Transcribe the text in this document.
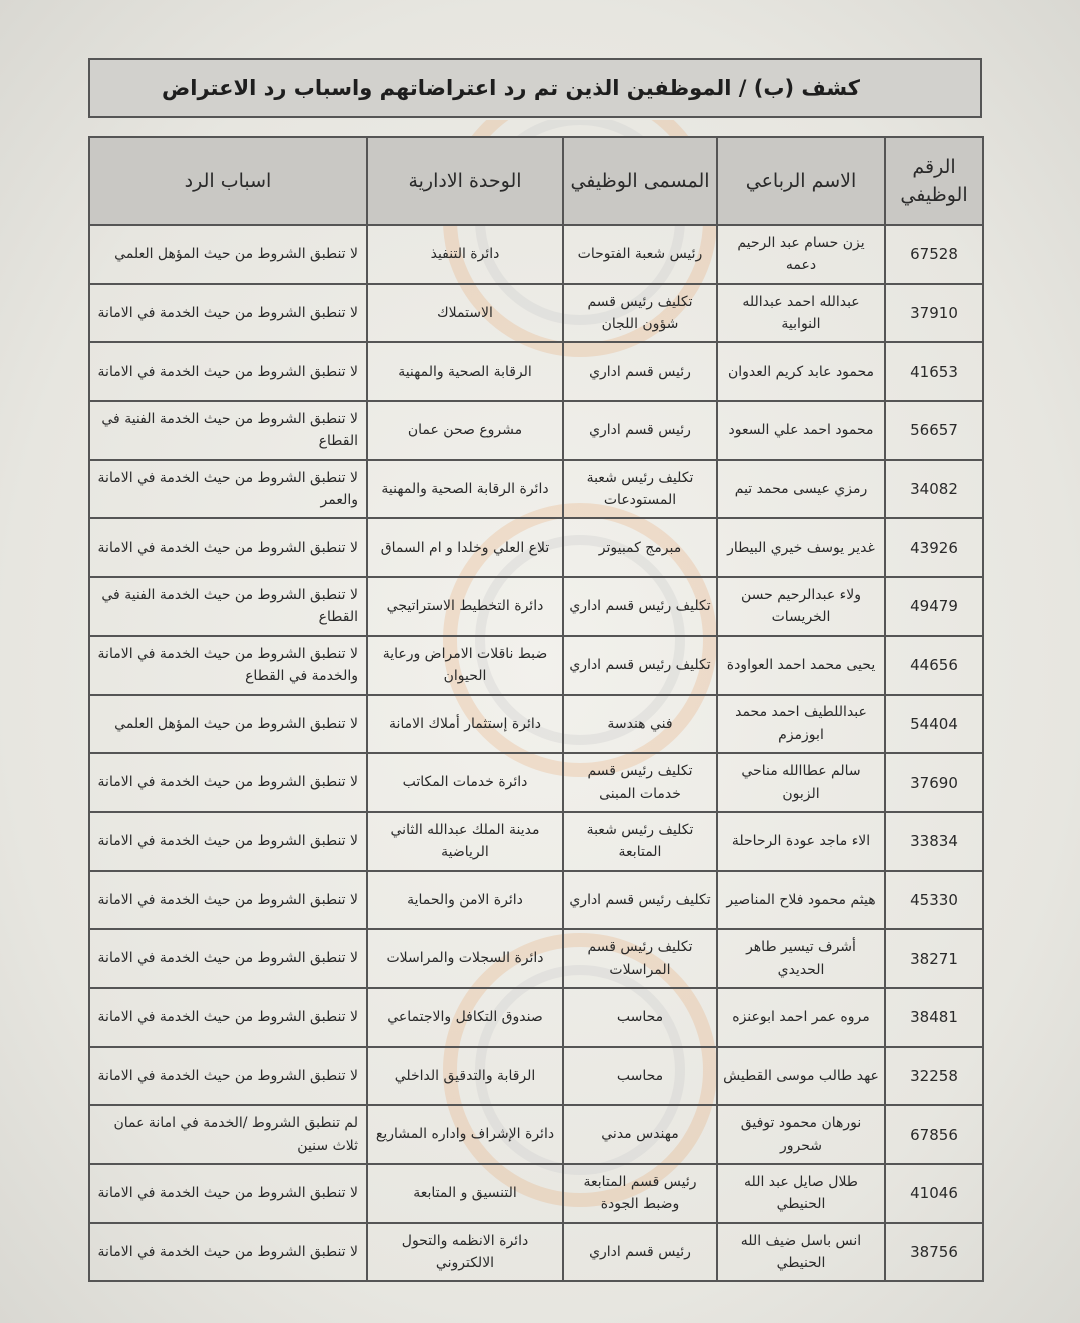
كشف (ب) / الموظفين الذين تم رد اعتراضاتهم واسباب رد الاعتراض
الرقم الوظيفي	الاسم الرباعي	المسمى الوظيفي	الوحدة الادارية	اسباب الرد
67528	يزن حسام عبد الرحيم دعمه	رئيس شعبة الفتوحات	دائرة التنفيذ	لا تنطبق الشروط من حيث المؤهل العلمي
37910	عبدالله احمد عبدالله النوابية	تكليف رئيس قسم شؤون اللجان	الاستملاك	لا تنطبق الشروط من حيث الخدمة في الامانة
41653	محمود عابد كريم العدوان	رئيس قسم اداري	الرقابة الصحية والمهنية	لا تنطبق الشروط من حيث الخدمة في الامانة
56657	محمود احمد علي السعود	رئيس قسم اداري	مشروع صحن عمان	لا تنطبق الشروط من حيث الخدمة الفنية في القطاع
34082	رمزي عيسى محمد تيم	تكليف رئيس شعبة المستودعات	دائرة الرقابة الصحية والمهنية	لا تنطبق الشروط من حيث الخدمة في الامانة والعمر
43926	غدير يوسف خيري البيطار	مبرمج كمبيوتر	تلاع العلي وخلدا و ام السماق	لا تنطبق الشروط من حيث الخدمة في الامانة
49479	ولاء عبدالرحيم حسن الخريسات	تكليف رئيس قسم اداري	دائرة التخطيط الاستراتيجي	لا تنطبق الشروط من حيث الخدمة الفنية في القطاع
44656	يحيى محمد احمد العواودة	تكليف رئيس قسم اداري	ضبط ناقلات الامراض ورعاية الحيوان	لا تنطبق الشروط من حيث الخدمة في الامانة والخدمة في القطاع
54404	عبداللطيف احمد محمد ابوزمزم	فني هندسة	دائرة إستثمار أملاك الامانة	لا تنطبق الشروط من حيث المؤهل العلمي
37690	سالم عطاالله مناحي الزبون	تكليف رئيس قسم خدمات المبنى	دائرة خدمات المكاتب	لا تنطبق الشروط من حيث الخدمة في الامانة
33834	الاء ماجد عودة الرحاحلة	تكليف رئيس شعبة المتابعة	مدينة الملك عبدالله الثاني الرياضية	لا تنطبق الشروط من حيث الخدمة في الامانة
45330	هيثم محمود فلاح المناصير	تكليف رئيس قسم اداري	دائرة الامن والحماية	لا تنطبق الشروط من حيث الخدمة في الامانة
38271	أشرف تيسير طاهر الحديدي	تكليف رئيس قسم المراسلات	دائرة السجلات والمراسلات	لا تنطبق الشروط من حيث الخدمة في الامانة
38481	مروه عمر احمد ابوعنزه	محاسب	صندوق التكافل والاجتماعي	لا تنطبق الشروط من حيث الخدمة في الامانة
32258	عهد طالب موسى القطيش	محاسب	الرقابة والتدقيق الداخلي	لا تنطبق الشروط من حيث الخدمة في الامانة
67856	نورهان محمود توفيق شحرور	مهندس مدني	دائرة الإشراف واداره المشاريع	لم تنطبق الشروط /الخدمة في امانة عمان ثلاث سنين
41046	طلال صايل عبد الله الحنيطي	رئيس قسم المتابعة وضبط الجودة	التنسيق و المتابعة	لا تنطبق الشروط من حيث الخدمة في الامانة
38756	انس باسل ضيف الله الحنيطي	رئيس قسم اداري	دائرة الانظمه والتحول الالكتروني	لا تنطبق الشروط من حيث الخدمة في الامانة
